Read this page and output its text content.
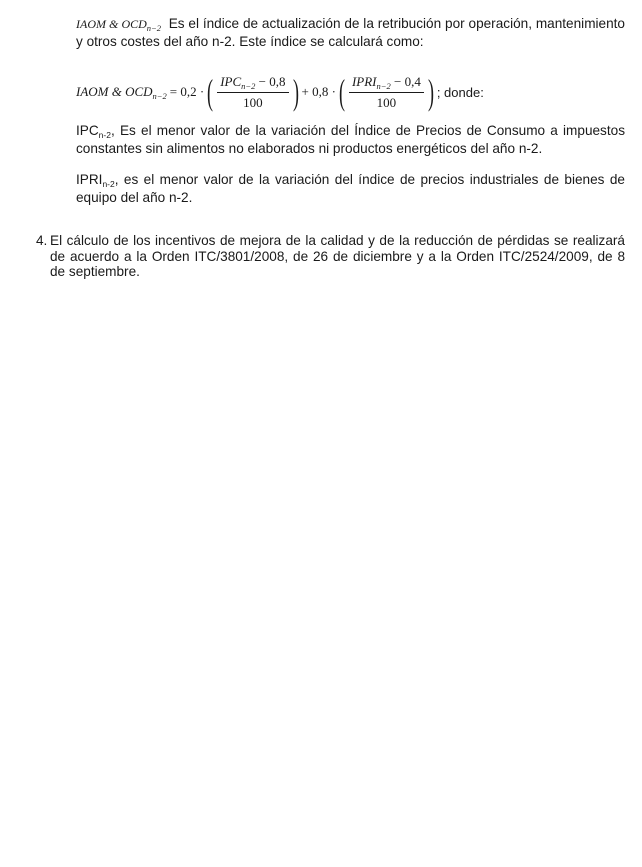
IAOM & $OCD_{n-2}$ Es el índice de actualización de la retribución por operación, mantenimiento y otros costes del año n-2. Este índice se calculará como:
IAOM & $OCD_{n-2} = 0,2$ · ( $\frac{IPC_{n-2} - 0,8}{100}$ ) + 0,8 · ( $\frac{IPRI_{n-2} - 0,4}{100}$ ) ; donde:
$IPC_{n-2}$, Es el menor valor de la variación del Índice de Precios de Consumo a impuestos constantes sin alimentos no elaborados ni productos energéticos del año n-2.
$IPRI_{n-2}$, es el menor valor de la variación del índice de precios industriales de bienes de equipo del año n-2.
4. El cálculo de los incentivos de mejora de la calidad y de la reducción de pérdidas se realizará de acuerdo a la Orden ITC/3801/2008, de 26 de diciembre y a la Orden ITC/2524/2009, de 8 de septiembre.
